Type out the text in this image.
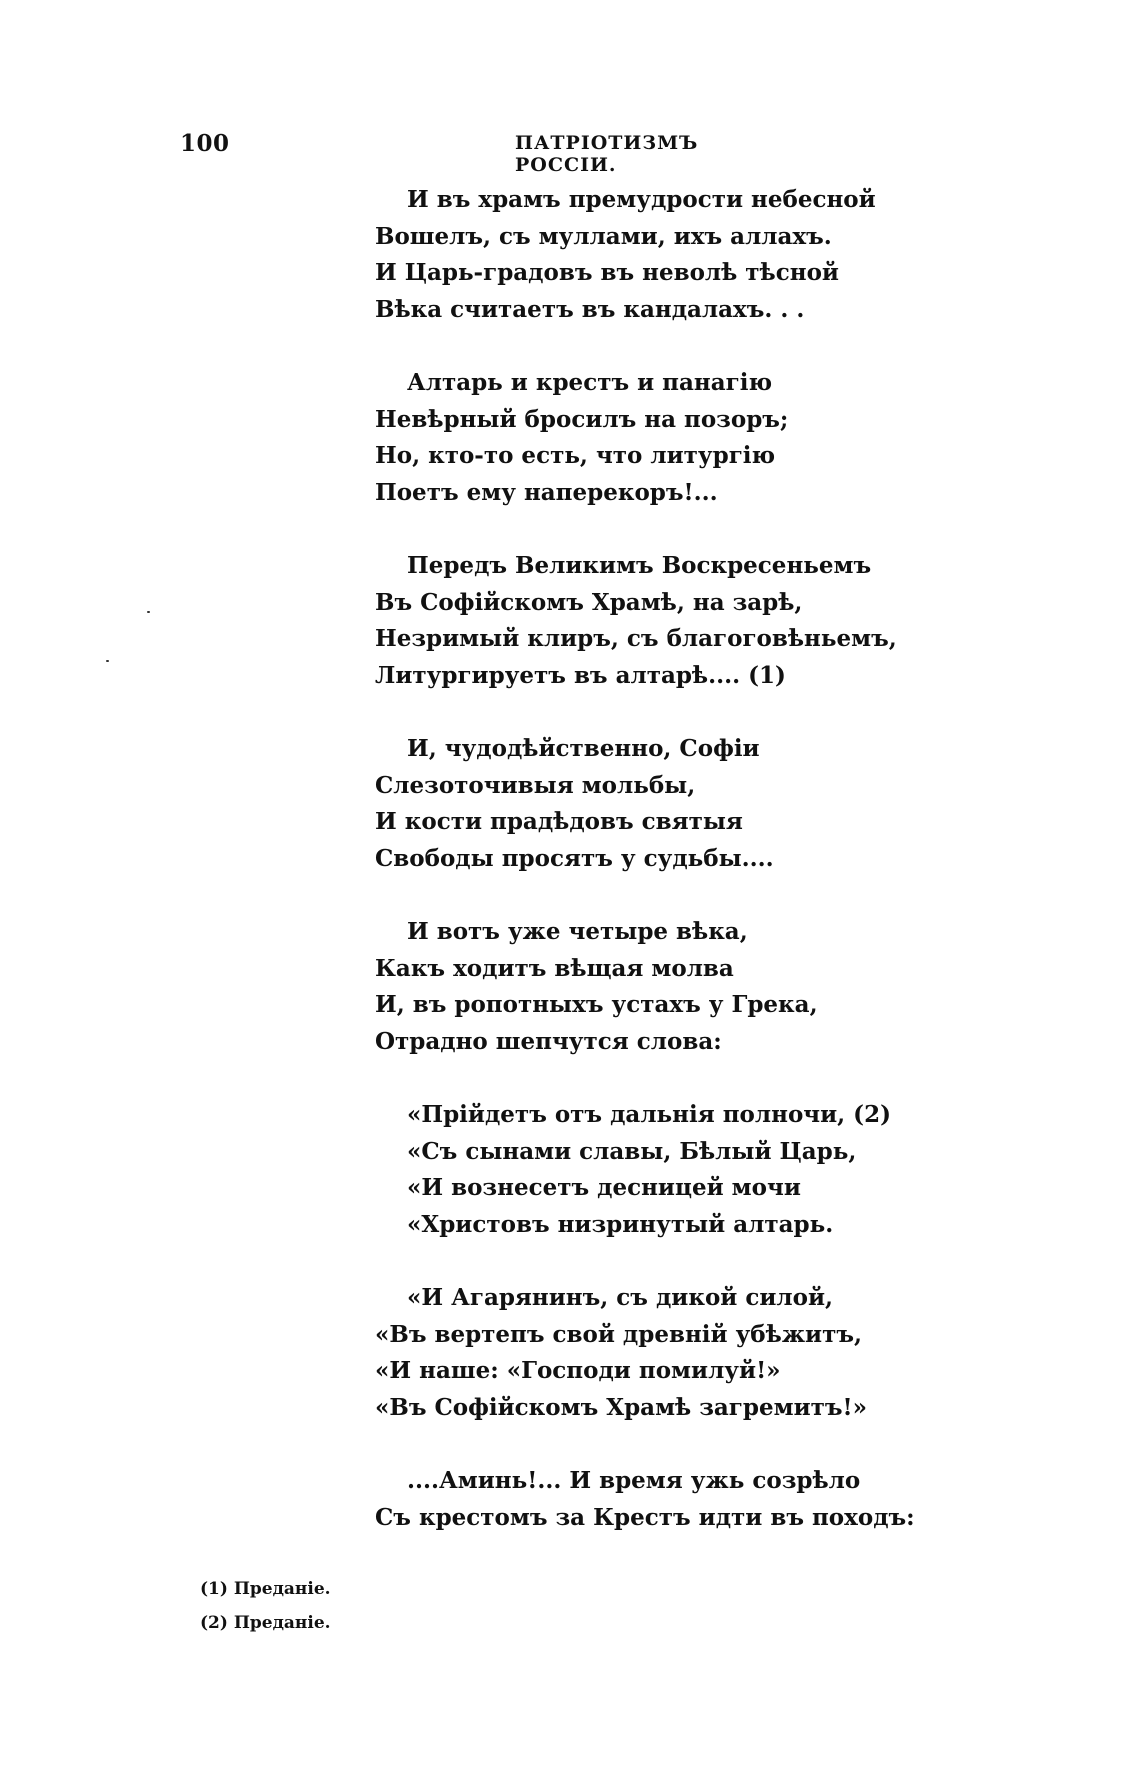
100	ПАТРІОТИЗМЪ РОССІИ.
И въ храмъ премудрости небесной
Вошелъ, съ муллами, ихъ аллахъ.
И Царь-градовъ въ неволѣ тѣсной
Вѣка считаетъ въ кандалахъ. . .
Алтарь и крестъ и панагію
Невѣрный бросилъ на позоръ;
Но, кто-то есть, что литургію
Поетъ ему наперекоръ!...
Передъ Великимъ Воскресеньемъ
Въ Софійскомъ Храмѣ, на зарѣ,
Незримый клиръ, съ благоговѣньемъ,
Литургируетъ въ алтарѣ.... (1)
И, чудодѣйственно, Софіи
Слезоточивыя мольбы,
И кости прадѣдовъ святыя
Свободы просятъ у судьбы....
И вотъ уже четыре вѣка,
Какъ ходитъ вѣщая молва
И, въ ропотныхъ устахъ у Грека,
Отрадно шепчутся слова:
«Прійдетъ отъ дальнія полночи, (2)
«Съ сынами славы, Бѣлый Царь,
«И вознесетъ десницей мочи
«Христовъ низринутый алтарь.
«И Агарянинъ, съ дикой силой,
«Въ вертепъ свой древній убѣжитъ,
«И наше: «Господи помилуй!»
«Въ Софійскомъ Храмѣ загремитъ!»
....Аминь!... И время ужь созрѣло
Съ крестомъ за Крестъ идти въ походъ:
(1) Преданіе.
(2) Преданіе.
